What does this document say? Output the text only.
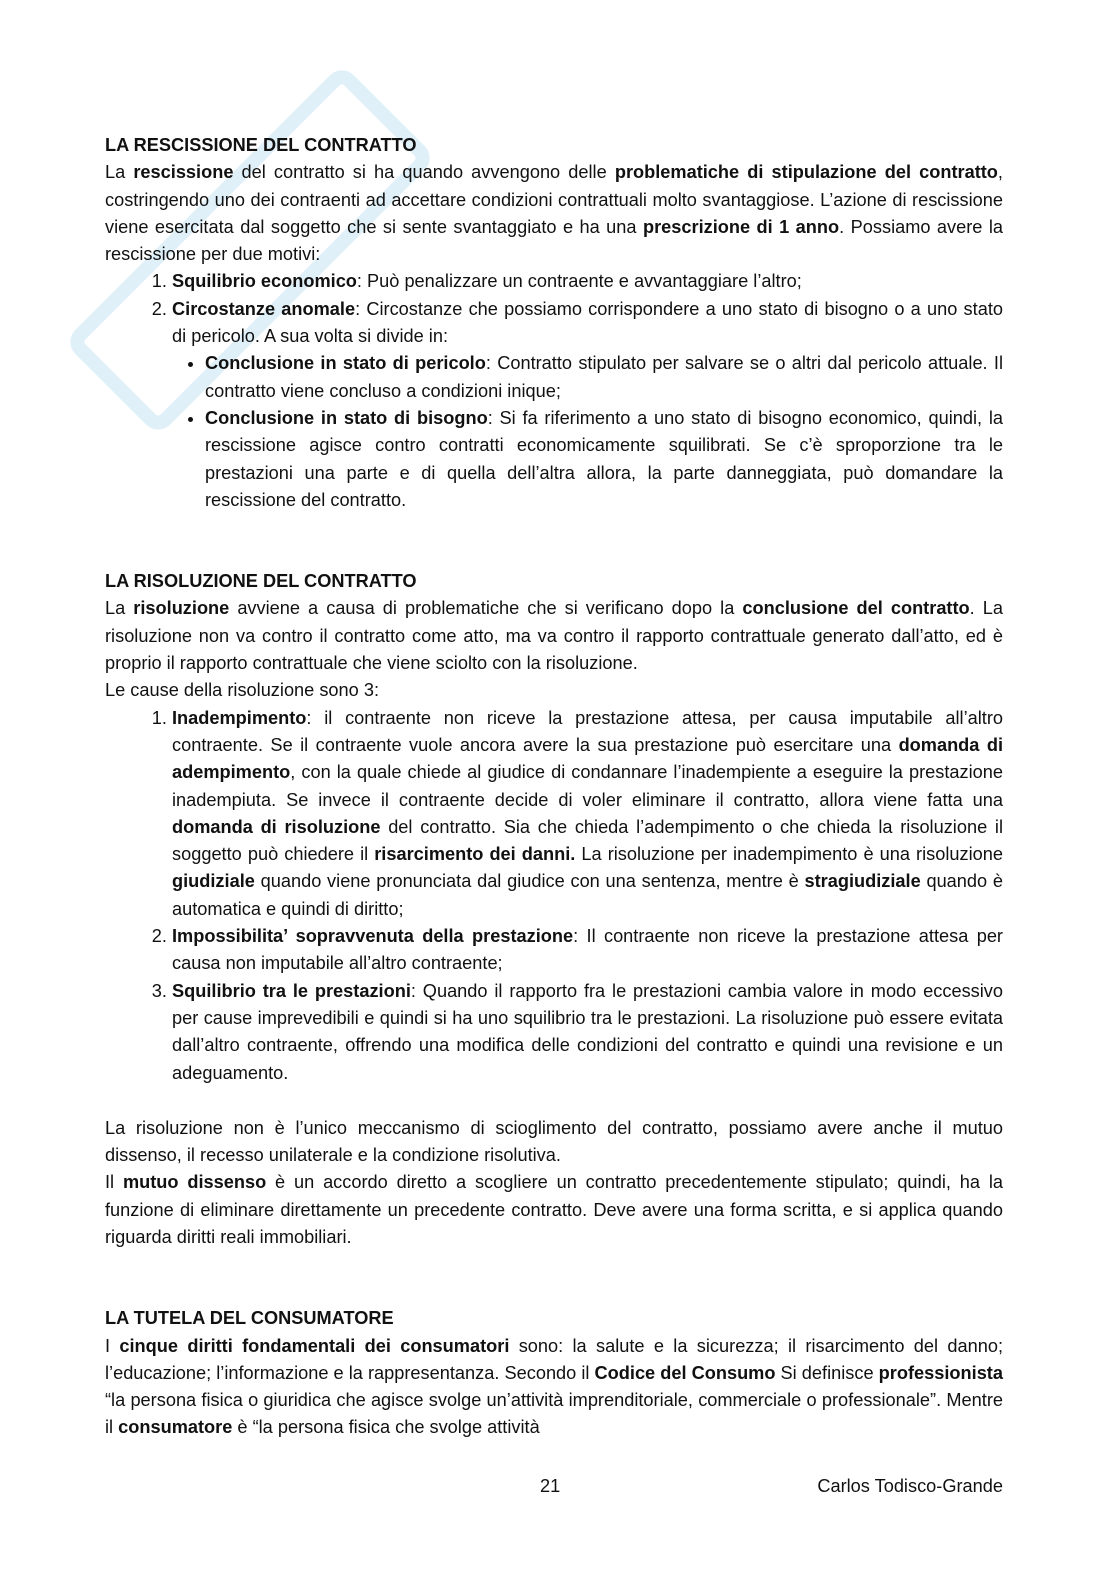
LA RESCISSIONE DEL CONTRATTO

La rescissione del contratto si ha quando avvengono delle problematiche di stipulazione del contratto, costringendo uno dei contraenti ad accettare condizioni contrattuali molto svantaggiose. L’azione di rescissione viene esercitata dal soggetto che si sente svantaggiato e ha una prescrizione di 1 anno. Possiamo avere la rescissione per due motivi:

1. Squilibrio economico: Può penalizzare un contraente e avvantaggiare l’altro;
2. Circostanze anomale: Circostanze che possiamo corrispondere a uno stato di bisogno o a uno stato di pericolo. A sua volta si divide in:
• Conclusione in stato di pericolo: Contratto stipulato per salvare se o altri dal pericolo attuale. Il contratto viene concluso a condizioni inique;
• Conclusione in stato di bisogno: Si fa riferimento a uno stato di bisogno economico, quindi, la rescissione agisce contro contratti economicamente squilibrati. Se c’è sproporzione tra le prestazioni una parte e di quella dell’altra allora, la parte danneggiata, può domandare la rescissione del contratto.
LA RISOLUZIONE DEL CONTRATTO

La risoluzione avviene a causa di problematiche che si verificano dopo la conclusione del contratto. La risoluzione non va contro il contratto come atto, ma va contro il rapporto contrattuale generato dall’atto, ed è proprio il rapporto contrattuale che viene sciolto con la risoluzione.

Le cause della risoluzione sono 3:

1. Inadempimento: il contraente non riceve la prestazione attesa, per causa imputabile all’altro contraente. Se il contraente vuole ancora avere la sua prestazione può esercitare una domanda di adempimento, con la quale chiede al giudice di condannare l’inadempiente a eseguire la prestazione inadempiuta. Se invece il contraente decide di voler eliminare il contratto, allora viene fatta una domanda di risoluzione del contratto. Sia che chieda l’adempimento o che chieda la risoluzione il soggetto può chiedere il risarcimento dei danni. La risoluzione per inadempimento è una risoluzione giudiziale quando viene pronunciata dal giudice con una sentenza, mentre è stragiudiziale quando è automatica e quindi di diritto;
2. Impossibilita’ sopravvenuta della prestazione: Il contraente non riceve la prestazione attesa per causa non imputabile all’altro contraente;
3. Squilibrio tra le prestazioni: Quando il rapporto fra le prestazioni cambia valore in modo eccessivo per cause imprevedibili e quindi si ha uno squilibrio tra le prestazioni. La risoluzione può essere evitata dall’altro contraente, offrendo una modifica delle condizioni del contratto e quindi una revisione e un adeguamento.

La risoluzione non è l’unico meccanismo di scioglimento del contratto, possiamo avere anche il mutuo dissenso, il recesso unilaterale e la condizione risolutiva.

Il mutuo dissenso è un accordo diretto a scogliere un contratto precedentemente stipulato; quindi, ha la funzione di eliminare direttamente un precedente contratto. Deve avere una forma scritta, e si applica quando riguarda diritti reali immobiliari.

LA TUTELA DEL CONSUMATORE

I cinque diritti fondamentali dei consumatori sono: la salute e la sicurezza; il risarcimento del danno; l’educazione; l’informazione e la rappresentanza. Secondo il Codice del Consumo Si definisce professionista “la persona fisica o giuridica che agisce svolge un’attività imprenditoriale, commerciale o professionale”. Mentre il consumatore è “la persona fisica che svolge attività

21	Carlos Todisco-Grande
